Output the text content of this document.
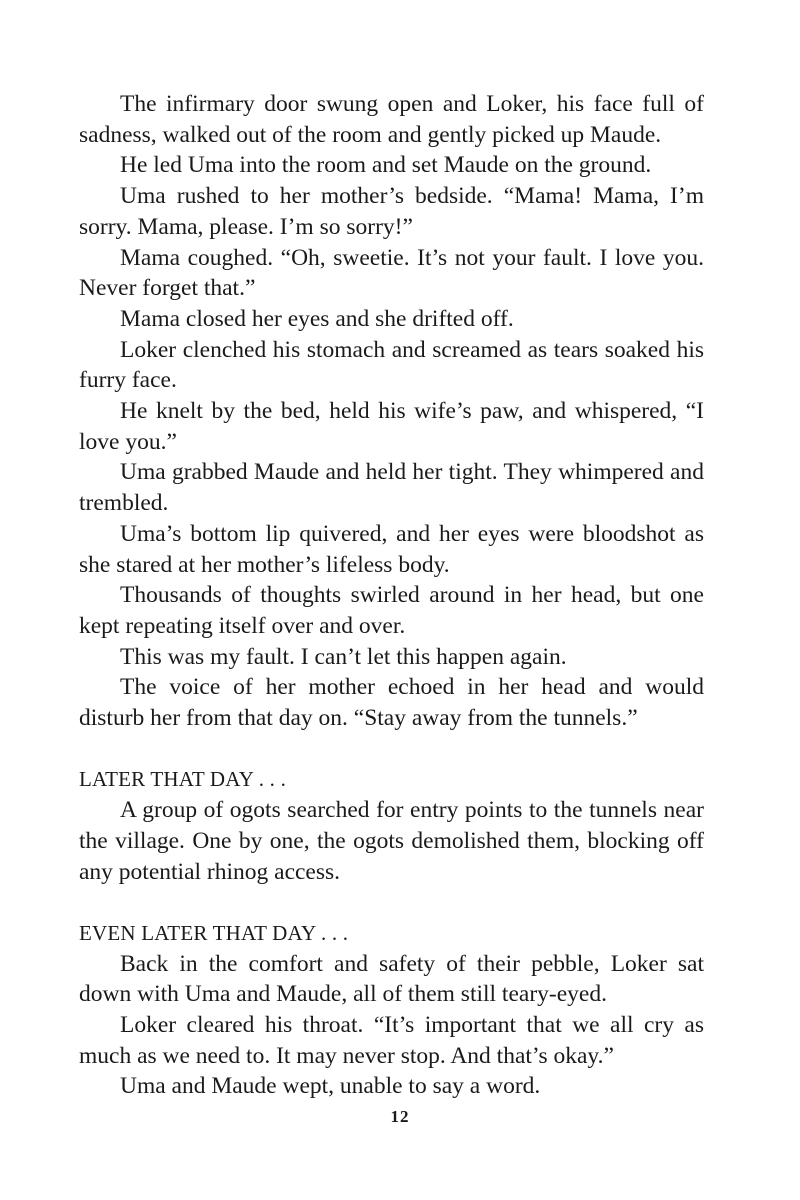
The infirmary door swung open and Loker, his face full of sadness, walked out of the room and gently picked up Maude.

He led Uma into the room and set Maude on the ground.

Uma rushed to her mother’s bedside. “Mama! Mama, I’m sorry. Mama, please. I’m so sorry!”

Mama coughed. “Oh, sweetie. It’s not your fault. I love you. Never forget that.”

Mama closed her eyes and she drifted off.

Loker clenched his stomach and screamed as tears soaked his furry face.

He knelt by the bed, held his wife’s paw, and whispered, “I love you.”

Uma grabbed Maude and held her tight. They whimpered and trembled.

Uma’s bottom lip quivered, and her eyes were bloodshot as she stared at her mother’s lifeless body.

Thousands of thoughts swirled around in her head, but one kept repeating itself over and over.

This was my fault. I can’t let this happen again.

The voice of her mother echoed in her head and would disturb her from that day on. “Stay away from the tunnels.”

LATER THAT DAY . . .

A group of ogots searched for entry points to the tunnels near the village. One by one, the ogots demolished them, blocking off any potential rhinog access.

EVEN LATER THAT DAY . . .

Back in the comfort and safety of their pebble, Loker sat down with Uma and Maude, all of them still teary-eyed.

Loker cleared his throat. “It’s important that we all cry as much as we need to. It may never stop. And that’s okay.”

Uma and Maude wept, unable to say a word.

12
